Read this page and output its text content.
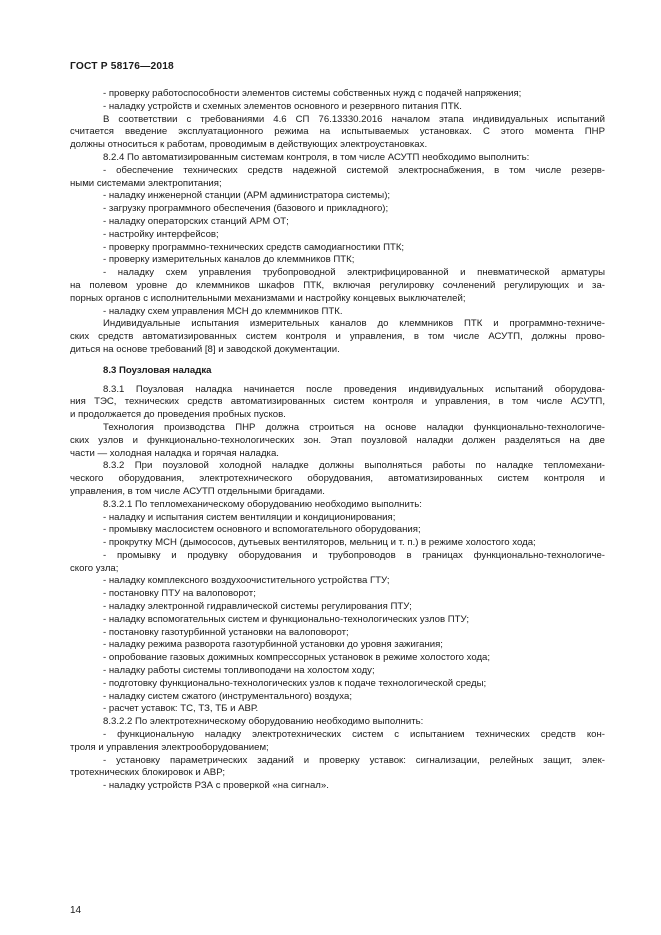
ГОСТ Р 58176—2018
- проверку работоспособности элементов системы собственных нужд с подачей напряжения;
- наладку устройств и схемных элементов основного и резервного питания ПТК.
В соответствии с требованиями 4.6 СП 76.13330.2016 началом этапа индивидуальных испытаний
считается введение эксплуатационного режима на испытываемых установках. С этого момента ПНР
должны относиться к работам, проводимым в действующих электроустановках.
8.2.4 По автоматизированным системам контроля, в том числе АСУТП необходимо выполнить:
- обеспечение технических средств надежной системой электроснабжения, в том числе резерв-
ными системами электропитания;
- наладку инженерной станции (АРМ администратора системы);
- загрузку программного обеспечения (базового и прикладного);
- наладку операторских станций АРМ ОТ;
- настройку интерфейсов;
- проверку программно-технических средств самодиагностики ПТК;
- проверку измерительных каналов до клеммников ПТК;
- наладку схем управления трубопроводной электрифицированной и пневматической арматуры
на полевом уровне до клеммников шкафов ПТК, включая регулировку сочленений регулирующих и за-
порных органов с исполнительными механизмами и настройку концевых выключателей;
- наладку схем управления МСН до клеммников ПТК.
Индивидуальные испытания измерительных каналов до клеммников ПТК и программно-техниче-
ских средств автоматизированных систем контроля и управления, в том числе АСУТП, должны прово-
диться на основе требований [8] и заводской документации.
8.3 Поузловая наладка
8.3.1 Поузловая наладка начинается после проведения индивидуальных испытаний оборудова-
ния ТЭС, технических средств автоматизированных систем контроля и управления, в том числе АСУТП,
и продолжается до проведения пробных пусков.
Технология производства ПНР должна строиться на основе наладки функционально-технологиче-
ских узлов и функционально-технологических зон. Этап поузловой наладки должен разделяться на две
части — холодная наладка и горячая наладка.
8.3.2 При поузловой холодной наладке должны выполняться работы по наладке тепломехани-
ческого оборудования, электротехнического оборудования, автоматизированных систем контроля и
управления, в том числе АСУТП отдельными бригадами.
8.3.2.1 По тепломеханическому оборудованию необходимо выполнить:
- наладку и испытания систем вентиляции и кондиционирования;
- промывку маслосистем основного и вспомогательного оборудования;
- прокрутку МСН (дымососов, дутьевых вентиляторов, мельниц и т. п.) в режиме холостого хода;
- промывку и продувку оборудования и трубопроводов в границах функционально-технологиче-
ского узла;
- наладку комплексного воздухоочистительного устройства ГТУ;
- постановку ПТУ на валоповорот;
- наладку электронной гидравлической системы регулирования ПТУ;
- наладку вспомогательных систем и функционально-технологических узлов ПТУ;
- постановку газотурбинной установки на валоповорот;
- наладку режима разворота газотурбинной установки до уровня зажигания;
- опробование газовых дожимных компрессорных установок в режиме холостого хода;
- наладку работы системы топливоподачи на холостом ходу;
- подготовку функционально-технологических узлов к подаче технологической среды;
- наладку систем сжатого (инструментального) воздуха;
- расчет уставок: ТС, ТЗ, ТБ и АВР.
8.3.2.2 По электротехническому оборудованию необходимо выполнить:
- функциональную наладку электротехнических систем с испытанием технических средств кон-
троля и управления электрооборудованием;
- установку параметрических заданий и проверку уставок: сигнализации, релейных защит, элек-
тротехнических блокировок и АВР;
- наладку устройств РЗА с проверкой «на сигнал».
14
